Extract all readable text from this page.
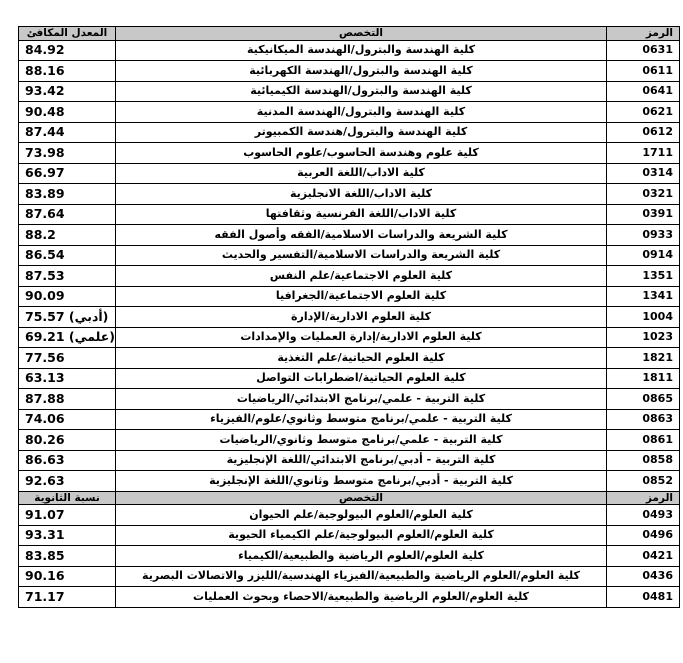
الرمز	التخصص	المعدل المكافئ
0631	كلية الهندسة والبترول/الهندسة الميكانيكية	84.92
0611	كلية الهندسة والبترول/الهندسة الكهربائية	88.16
0641	كلية الهندسة والبترول/الهندسة الكيميائية	93.42
0621	كلية الهندسة والبترول/الهندسة المدنية	90.48
0612	كلية الهندسة والبترول/هندسة الكمبيوتر	87.44
1711	كلية علوم وهندسة الحاسوب/علوم الحاسوب	73.98
0314	كلية الاداب/اللغة العربية	66.97
0321	كلية الاداب/اللغة الانجليزية	83.89
0391	كلية الاداب/اللغة الفرنسية وثقافتها	87.64
0933	كلية الشريعة والدراسات الاسلامية/الفقه وأصول الفقه	88.2
0914	كلية الشريعة والدراسات الاسلامية/التفسير والحديث	86.54
1351	كلية العلوم الاجتماعية/علم النفس	87.53
1341	كلية العلوم الاجتماعية/الجغرافيا	90.09
1004	كلية العلوم الادارية/الإدارة	75.57 (أدبي)
1023	كلية العلوم الادارية/إدارة العمليات والإمدادات	69.21 (علمي)
1821	كلية العلوم الحياتية/علم التغذية	77.56
1811	كلية العلوم الحياتية/اضطرابات التواصل	63.13
0865	كلية التربية - علمي/برنامج الابتدائي/الرياضيات	87.88
0863	كلية التربية - علمي/برنامج متوسط وثانوي/علوم/الفيزياء	74.06
0861	كلية التربية - علمي/برنامج متوسط وثانوي/الرياضيات	80.26
0858	كلية التربية - أدبي/برنامج الابتدائي/اللغة الإنجليزية	86.63
0852	كلية التربية - أدبي/برنامج متوسط وثانوي/اللغة الإنجليزية	92.63
الرمز	التخصص	نسبة الثانوية
0493	كلية العلوم/العلوم البيولوجية/علم الحيوان	91.07
0496	كلية العلوم/العلوم البيولوجية/علم الكيمياء الحيوية	93.31
0421	كلية العلوم/العلوم الرياضية والطبيعية/الكيمياء	83.85
0436	كلية العلوم/العلوم الرياضية والطبيعية/الفيزياء الهندسية/الليزر والاتصالات البصرية	90.16
0481	كلية العلوم/العلوم الرياضية والطبيعية/الاحصاء وبحوث العمليات	71.17
